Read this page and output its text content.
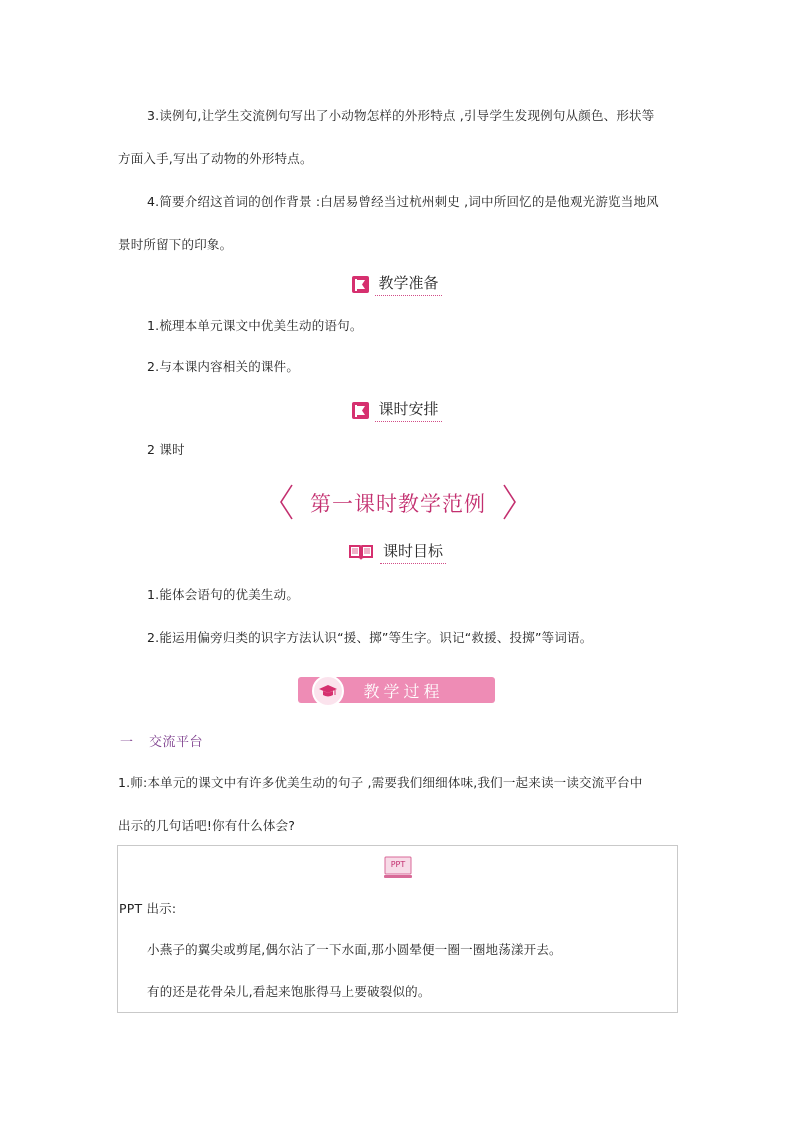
3.读例句,让学生交流例句写出了小动物怎样的外形特点 ,引导学生发现例句从颜色、形状等
方面入手,写出了动物的外形特点。
4.简要介绍这首词的创作背景 :白居易曾经当过杭州刺史 ,词中所回忆的是他观光游览当地风
景时所留下的印象。
教学准备
1.梳理本单元课文中优美生动的语句。
2.与本课内容相关的课件。
课时安排
2 课时
第一课时教学范例
课时目标
1.能体会语句的优美生动。
2.能运用偏旁归类的识字方法认识“援、掷”等生字。识记“救援、投掷”等词语。
教学过程
一 交流平台
1.师:本单元的课文中有许多优美生动的句子 ,需要我们细细体味,我们一起来读一读交流平台中
出示的几句话吧!你有什么体会?
PPT
PPT 出示:
小燕子的翼尖或剪尾,偶尔沾了一下水面,那小圆晕便一圈一圈地荡漾开去。
有的还是花骨朵儿,看起来饱胀得马上要破裂似的。
